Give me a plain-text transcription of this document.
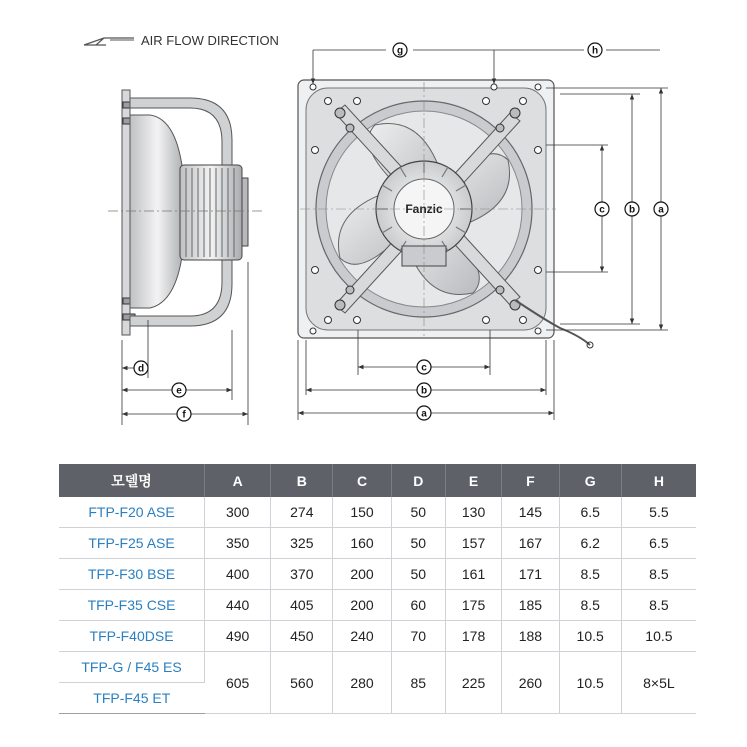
AIR FLOW DIRECTION
d
e
f
Fanzic
g	h
c b a
c
b
a
모델명	A	B	C	D	E	F	G	H
FTP-F20 ASE	300	274	150	50	130	145	6.5	5.5
TFP-F25 ASE	350	325	160	50	157	167	6.2	6.5
TFP-F30 BSE	400	370	200	50	161	171	8.5	8.5
TFP-F35 CSE	440	405	200	60	175	185	8.5	8.5
TFP-F40DSE	490	450	240	70	178	188	10.5	10.5
TFP-G / F45 ES	605	560	280	85	225	260	10.5	8×5L
TFP-F45 ET								
